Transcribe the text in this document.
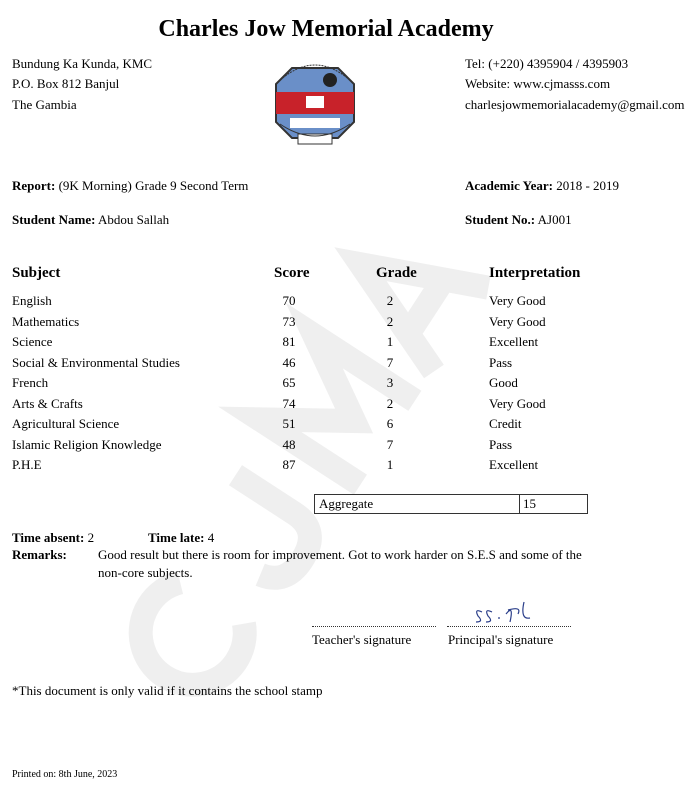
Charles Jow Memorial Academy
Bundung Ka Kunda, KMC
P.O. Box 812 Banjul
The Gambia
Tel: (+220) 4395904 / 4395903
Website: www.cjmasss.com
charlesjowmemorialacademy@gmail.com
Report: (9K Morning) Grade 9 Second Term	Academic Year: 2018 - 2019
Student Name: Abdou Sallah	Student No.: AJ001
Subject	Score	Grade	Interpretation
English	70	2	Very Good
Mathematics	73	2	Very Good
Science	81	1	Excellent
Social & Environmental Studies	46	7	Pass
French	65	3	Good
Arts & Crafts	74	2	Very Good
Agricultural Science	51	6	Credit
Islamic Religion Knowledge	48	7	Pass
P.H.E	87	1	Excellent
Aggregate	15
Time absent: 2	Time late: 4
Remarks: Good result but there is room for improvement. Got to work harder on S.E.S and some of the
non-core subjects.
Teacher's signature	Principal's signature
*This document is only valid if it contains the school stamp
Printed on: 8th June, 2023
